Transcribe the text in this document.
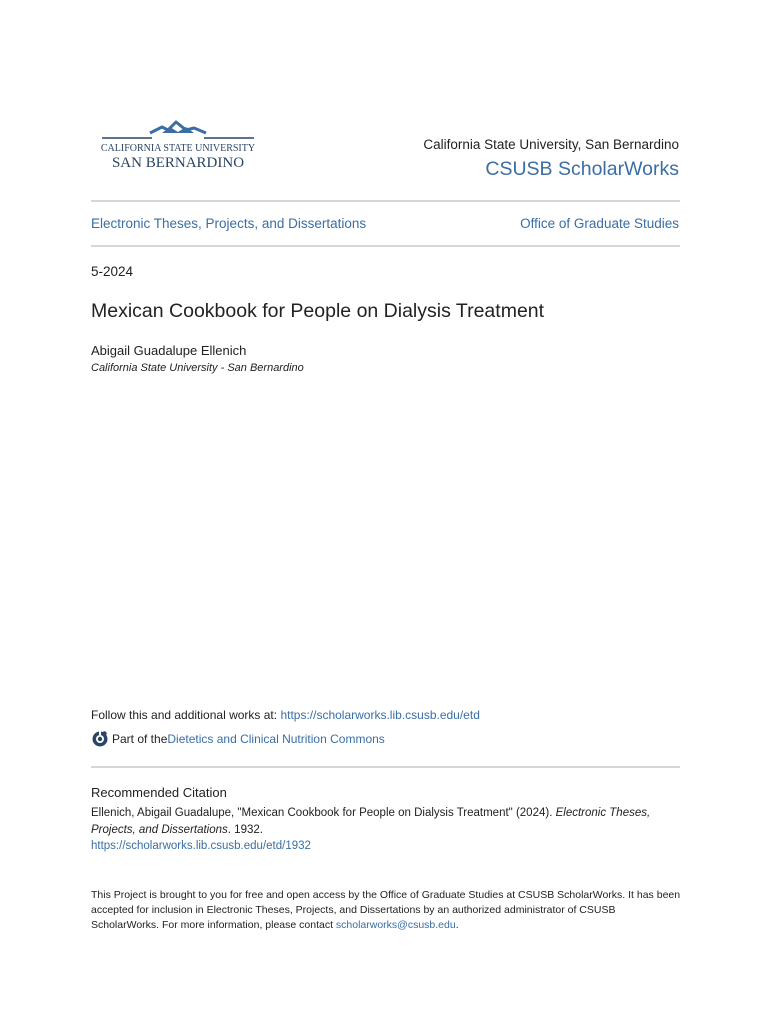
CALIFORNIA STATE UNIVERSITY
SAN BERNARDINO
California State University, San Bernardino
CSUSB ScholarWorks
Electronic Theses, Projects, and Dissertations	Office of Graduate Studies
5-2024
Mexican Cookbook for People on Dialysis Treatment
Abigail Guadalupe Ellenich
California State University - San Bernardino
Follow this and additional works at: https://scholarworks.lib.csusb.edu/etd
Part of the Dietetics and Clinical Nutrition Commons
Recommended Citation
Ellenich, Abigail Guadalupe, "Mexican Cookbook for People on Dialysis Treatment" (2024). Electronic Theses, Projects, and Dissertations. 1932.
https://scholarworks.lib.csusb.edu/etd/1932
This Project is brought to you for free and open access by the Office of Graduate Studies at CSUSB ScholarWorks. It has been accepted for inclusion in Electronic Theses, Projects, and Dissertations by an authorized administrator of CSUSB ScholarWorks. For more information, please contact scholarworks@csusb.edu.
